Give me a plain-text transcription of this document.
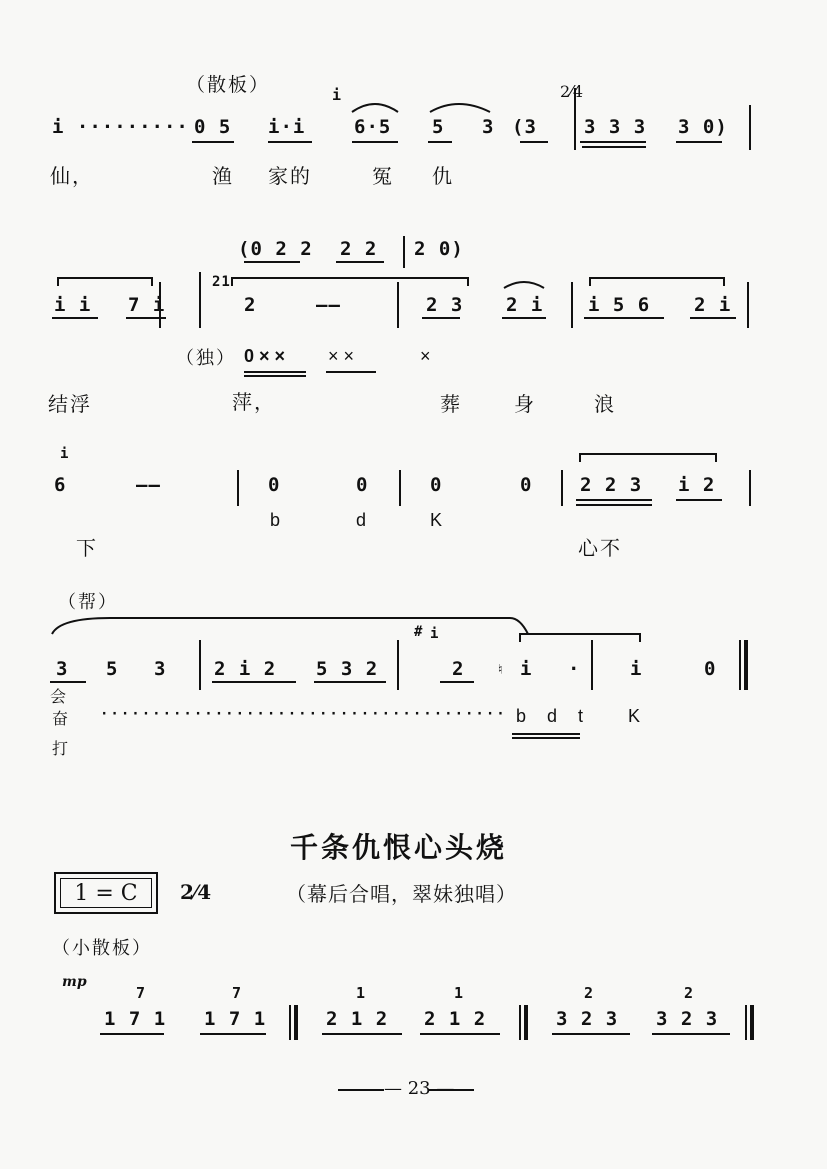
（散板）	2⁄4
i
i ········· 0 5 i·i	6·5 5 3 (3 3 3 3 3 0)
仙，	渔 家的	冤 仇
(0 2 2 2 2 2 0)
21
i i 7 i	2	——	2 3 2 i i 5 6 2 i
（独） 0 × × × ×	×
结浮	萍，	葬	身	浪
i
6	——	0	0	0	0	2 2 3 i 2
b	d	K
下	心不
（帮）
# i
♮
3 5 3	2 i 2 5 3 2	2	i ·	i	0
会
奋
打
······································· b d t K
千条仇恨心头烧
1 = C	2⁄4	（幕后合唱，翠妹独唱）
（小散板）
mp
7	7	1	1	2	2
1 7 1 1 7 1	2 1 2 2 1 2	3 2 3 3 2 3
— 23 —
